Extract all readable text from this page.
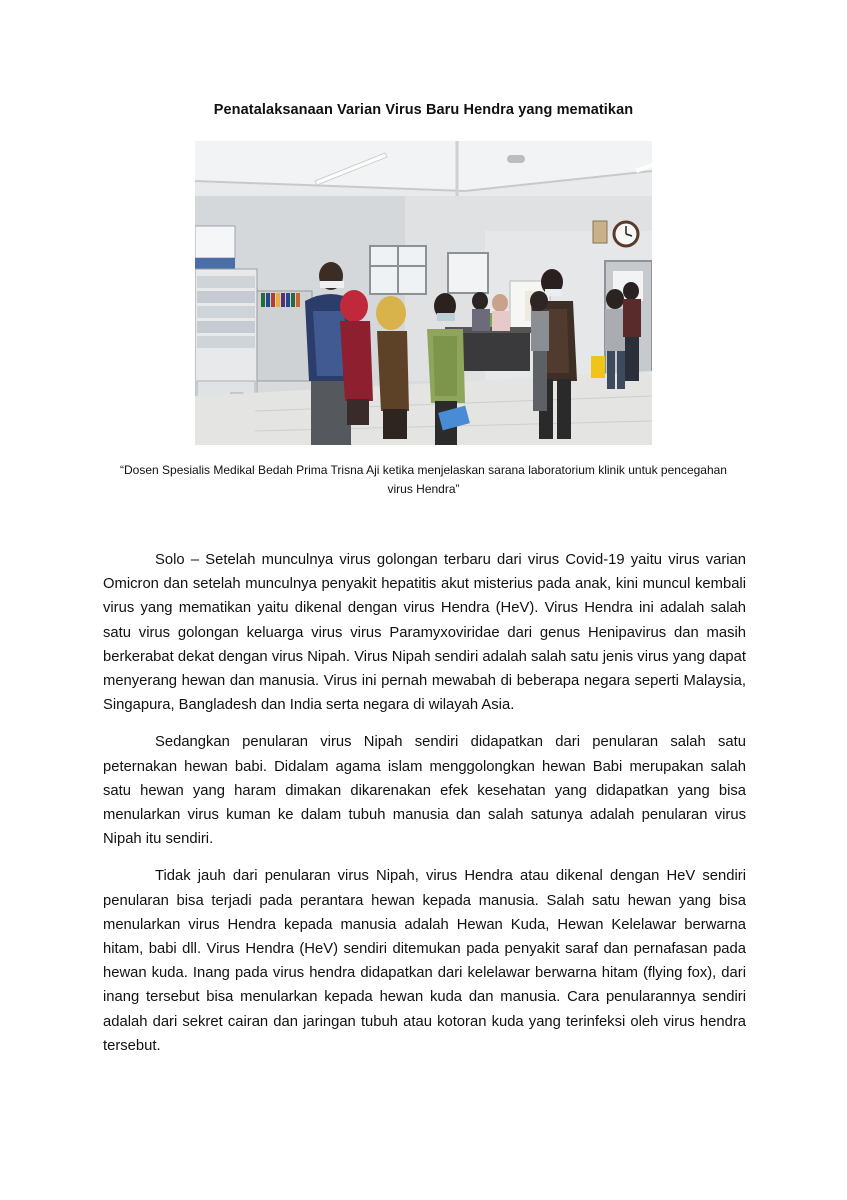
Penatalaksanaan Varian Virus Baru Hendra yang mematikan
“Dosen Spesialis Medikal Bedah Prima Trisna Aji ketika menjelaskan sarana laboratorium klinik untuk pencegahan virus Hendra”

Solo – Setelah munculnya virus golongan terbaru dari virus Covid-19 yaitu virus varian Omicron dan setelah munculnya penyakit hepatitis akut misterius pada anak, kini muncul kembali virus yang mematikan yaitu dikenal dengan virus Hendra (HeV). Virus Hendra ini adalah salah satu virus golongan keluarga virus virus Paramyxoviridae dari genus Henipavirus dan masih berkerabat dekat dengan virus Nipah. Virus Nipah sendiri adalah salah satu jenis virus yang dapat menyerang hewan dan manusia. Virus ini pernah mewabah di beberapa negara seperti Malaysia, Singapura, Bangladesh dan India serta negara di wilayah Asia.

Sedangkan penularan virus Nipah sendiri didapatkan dari penularan salah satu peternakan hewan babi. Didalam agama islam menggolongkan hewan Babi merupakan salah satu hewan yang haram dimakan dikarenakan efek kesehatan yang didapatkan yang bisa menularkan virus kuman ke dalam tubuh manusia dan salah satunya adalah penularan virus Nipah itu sendiri.

Tidak jauh dari penularan virus Nipah, virus Hendra atau dikenal dengan HeV sendiri penularan bisa terjadi pada perantara hewan kepada manusia. Salah satu hewan yang bisa menularkan virus Hendra kepada manusia adalah Hewan Kuda, Hewan Kelelawar berwarna hitam, babi dll. Virus Hendra (HeV) sendiri ditemukan pada penyakit saraf dan pernafasan pada hewan kuda. Inang pada virus hendra didapatkan dari kelelawar berwarna hitam (flying fox), dari inang tersebut bisa menularkan kepada hewan kuda dan manusia. Cara penularannya sendiri adalah dari sekret cairan dan jaringan tubuh atau kotoran kuda yang terinfeksi oleh virus hendra tersebut.
